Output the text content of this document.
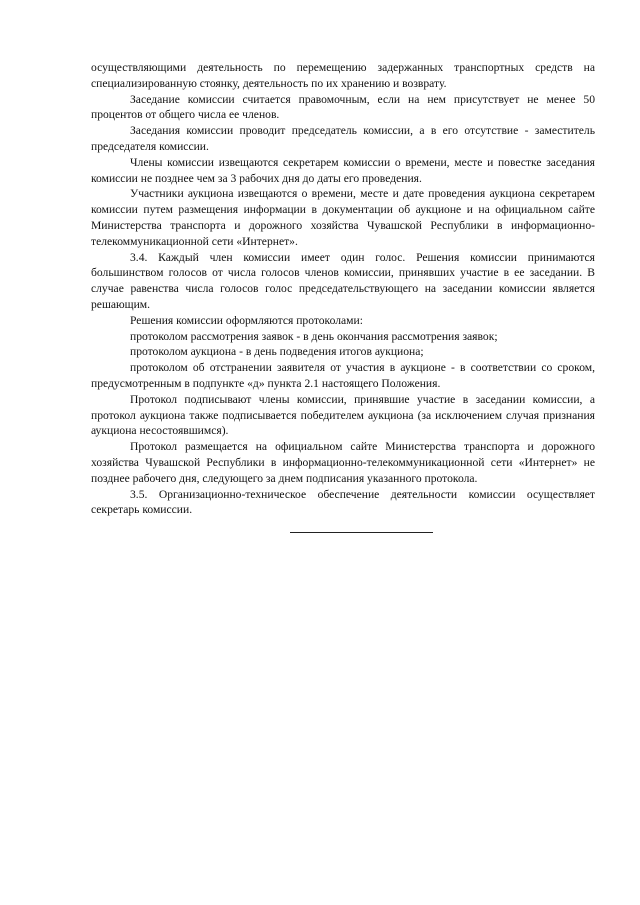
осуществляющими деятельность по перемещению задержанных транспортных средств на специализированную стоянку, деятельность по их хранению и возврату.

Заседание комиссии считается правомочным, если на нем присутствует не менее 50 процентов от общего числа ее членов.

Заседания комиссии проводит председатель комиссии, а в его отсутствие - заместитель председателя комиссии.

Члены комиссии извещаются секретарем комиссии о времени, месте и повестке заседания комиссии не позднее чем за 3 рабочих дня до даты его проведения.

Участники аукциона извещаются о времени, месте и дате проведения аукциона секретарем комиссии путем размещения информации в документации об аукционе и на официальном сайте Министерства транспорта и дорожного хозяйства Чувашской Республики в информационно-телекоммуникационной сети «Интернет».

3.4. Каждый член комиссии имеет один голос. Решения комиссии принимаются большинством голосов от числа голосов членов комиссии, принявших участие в ее заседании. В случае равенства числа голосов голос председательствующего на заседании комиссии является решающим.

Решения комиссии оформляются протоколами:

протоколом рассмотрения заявок - в день окончания рассмотрения заявок;

протоколом аукциона - в день подведения итогов аукциона;

протоколом об отстранении заявителя от участия в аукционе - в соответствии со сроком, предусмотренным в подпункте «д» пункта 2.1 настоящего Положения.

Протокол подписывают члены комиссии, принявшие участие в заседании комиссии, а протокол аукциона также подписывается победителем аукциона (за исключением случая признания аукциона несостоявшимся).

Протокол размещается на официальном сайте Министерства транспорта и дорожного хозяйства Чувашской Республики в информационно-телекоммуникационной сети «Интернет» не позднее рабочего дня, следующего за днем подписания указанного протокола.

3.5. Организационно-техническое обеспечение деятельности комиссии осуществляет секретарь комиссии.
